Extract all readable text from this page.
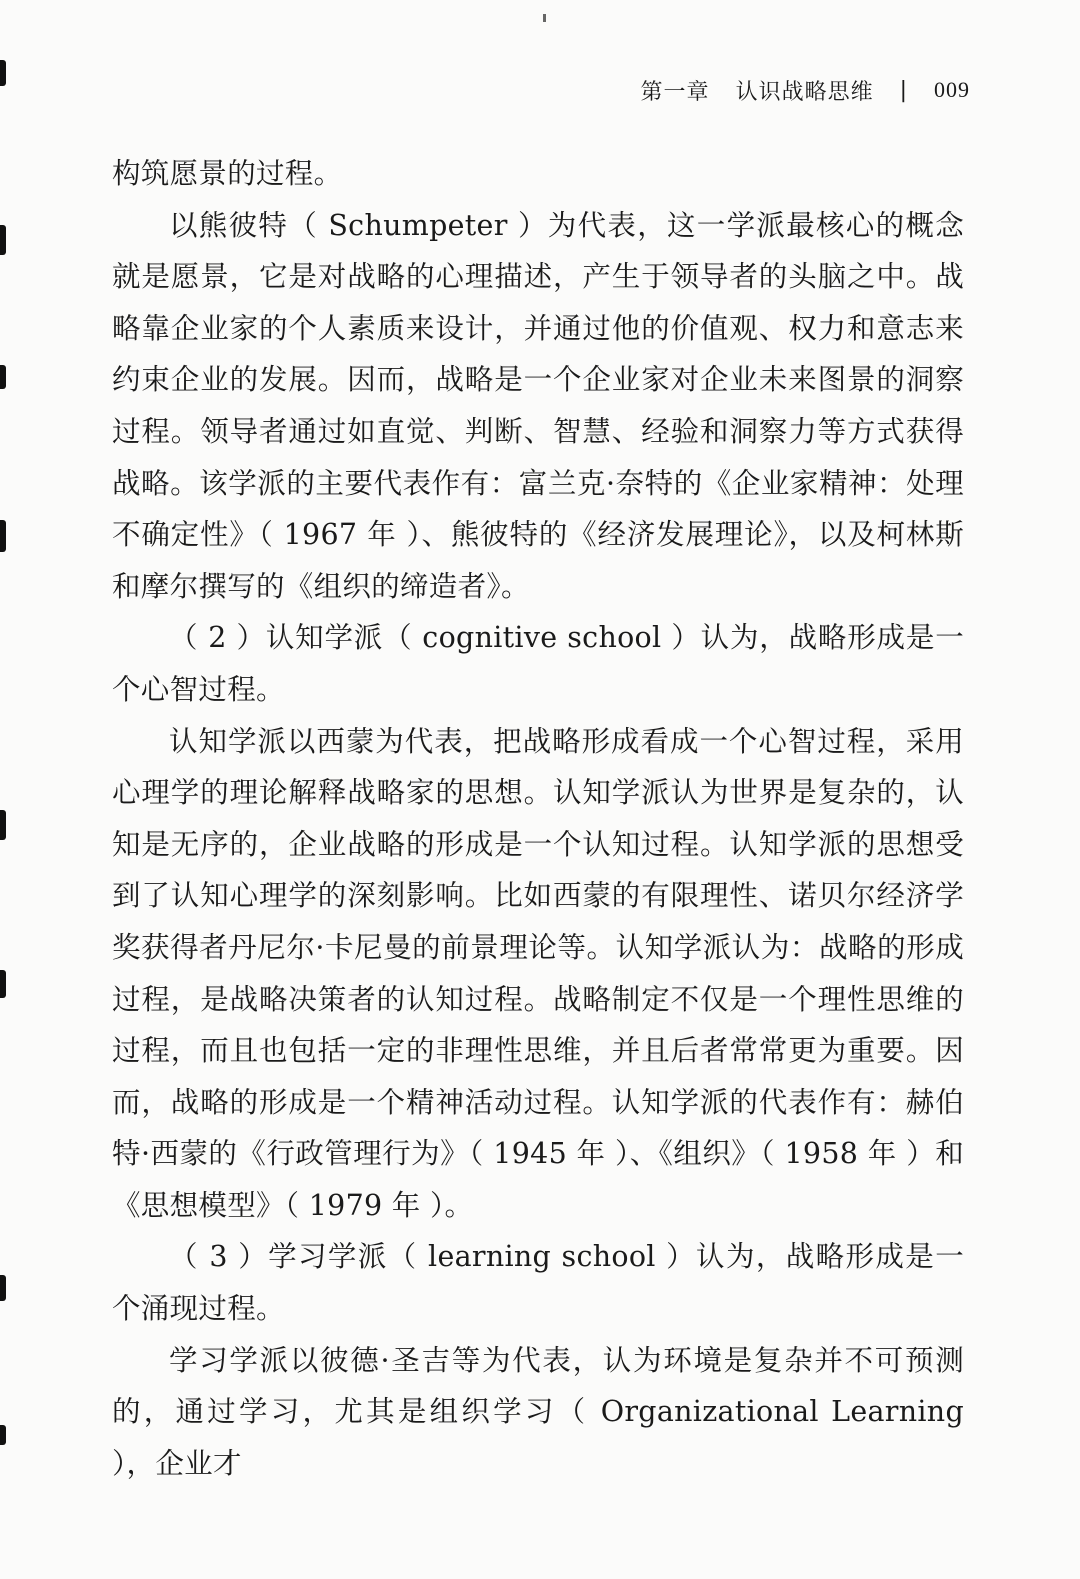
第一章 认识战略思维 | 009

构筑愿景的过程。

以熊彼特（ Schumpeter ）为代表，这一学派最核心的概念就是愿景，它是对战略的心理描述，产生于领导者的头脑之中。战略靠企业家的个人素质来设计，并通过他的价值观、权力和意志来约束企业的发展。因而，战略是一个企业家对企业未来图景的洞察过程。领导者通过如直觉、判断、智慧、经验和洞察力等方式获得战略。该学派的主要代表作有：富兰克·奈特的《企业家精神：处理不确定性》（ 1967 年 ）、熊彼特的《经济发展理论》，以及柯林斯和摩尔撰写的《组织的缔造者》。

（ 2 ）认知学派（ cognitive school ）认为，战略形成是一个心智过程。

认知学派以西蒙为代表，把战略形成看成一个心智过程，采用心理学的理论解释战略家的思想。认知学派认为世界是复杂的，认知是无序的，企业战略的形成是一个认知过程。认知学派的思想受到了认知心理学的深刻影响。比如西蒙的有限理性、诺贝尔经济学奖获得者丹尼尔·卡尼曼的前景理论等。认知学派认为：战略的形成过程，是战略决策者的认知过程。战略制定不仅是一个理性思维的过程，而且也包括一定的非理性思维，并且后者常常更为重要。因而，战略的形成是一个精神活动过程。认知学派的代表作有：赫伯特·西蒙的《行政管理行为》（ 1945 年 ）、《组织》（ 1958 年 ）和《思想模型》（ 1979 年 ）。

（ 3 ）学习学派（ learning school ）认为，战略形成是一个涌现过程。

学习学派以彼德·圣吉等为代表，认为环境是复杂并不可预测的，通过学习，尤其是组织学习（ Organizational Learning ），企业才
